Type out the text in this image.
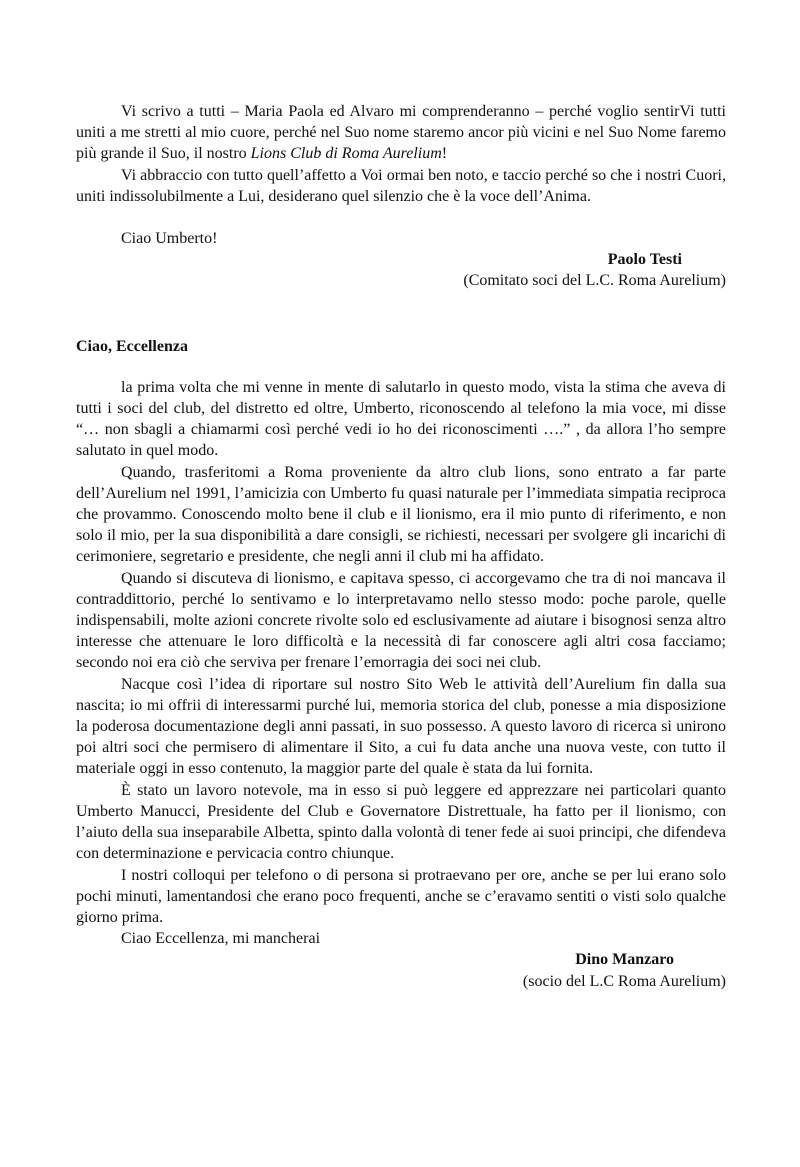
Vi scrivo a tutti – Maria Paola ed Alvaro mi comprenderanno – perché voglio sentirVi tutti uniti a me stretti al mio cuore, perché nel Suo nome staremo ancor più vicini e nel Suo Nome faremo più grande il Suo, il nostro Lions Club di Roma Aurelium!

Vi abbraccio con tutto quell’affetto a Voi ormai ben noto, e taccio perché so che i nostri Cuori, uniti indissolubilmente a Lui, desiderano quel silenzio che è la voce dell’Anima.

Ciao Umberto!

Paolo Testi

(Comitato soci del L.C. Roma Aurelium)

Ciao, Eccellenza

la prima volta che mi venne in mente di salutarlo in questo modo, vista la stima che aveva di tutti i soci del club, del distretto ed oltre, Umberto, riconoscendo al telefono la mia voce, mi disse “… non sbagli a chiamarmi così perché vedi io ho dei riconoscimenti ….” , da allora l’ho sempre salutato in quel modo.

Quando, trasferitomi a Roma proveniente da altro club lions, sono entrato a far parte dell’Aurelium nel 1991, l’amicizia con Umberto fu quasi naturale per l’immediata simpatia reciproca che provammo. Conoscendo molto bene il club e il lionismo, era il mio punto di riferimento, e non solo il mio, per la sua disponibilità a dare consigli, se richiesti, necessari per svolgere gli incarichi di cerimoniere, segretario e presidente, che negli anni il club mi ha affidato.

Quando si discuteva di lionismo, e capitava spesso, ci accorgevamo che tra di noi mancava il contraddittorio, perché lo sentivamo e lo interpretavamo nello stesso modo: poche parole, quelle indispensabili, molte azioni concrete rivolte solo ed esclusivamente ad aiutare i bisognosi senza altro interesse che attenuare le loro difficoltà e la necessità di far conoscere agli altri cosa facciamo; secondo noi era ciò che serviva per frenare l’emorragia dei soci nei club.

Nacque così l’idea di riportare sul nostro Sito Web le attività dell’Aurelium fin dalla sua nascita; io mi offrii di interessarmi purché lui, memoria storica del club, ponesse a mia disposizione la poderosa documentazione degli anni passati, in suo possesso. A questo lavoro di ricerca si unirono poi altri soci che permisero di alimentare il Sito, a cui fu data anche una nuova veste, con tutto il materiale oggi in esso contenuto, la maggior parte del quale è stata da lui fornita.

È stato un lavoro notevole, ma in esso si può leggere ed apprezzare nei particolari quanto Umberto Manucci, Presidente del Club e Governatore Distrettuale, ha fatto per il lionismo, con l’aiuto della sua inseparabile Albetta, spinto dalla volontà di tener fede ai suoi principi, che difendeva con determinazione e pervicacia contro chiunque.

I nostri colloqui per telefono o di persona si protraevano per ore, anche se per lui erano solo pochi minuti, lamentandosi che erano poco frequenti, anche se c’eravamo sentiti o visti solo qualche giorno prima.

Ciao Eccellenza, mi mancherai

Dino Manzaro

(socio del L.C Roma Aurelium)
